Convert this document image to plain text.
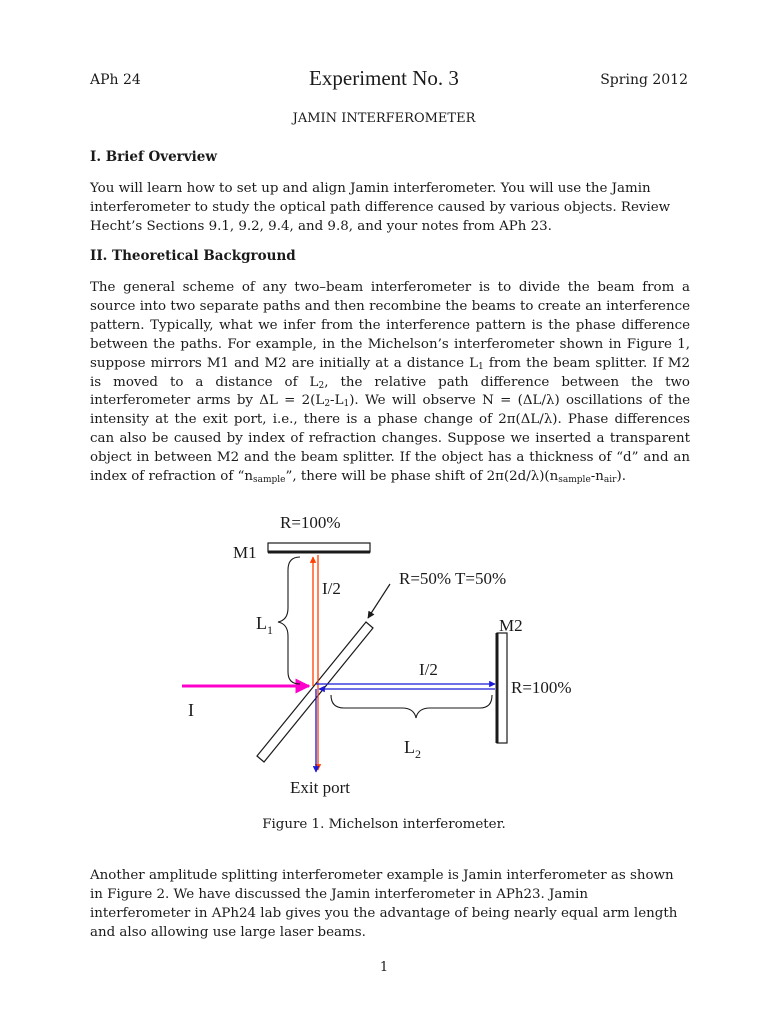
APh 24	Experiment No. 3	Spring 2012
JAMIN INTERFEROMETER
I. Brief Overview
You will learn how to set up and align Jamin interferometer. You will use the Jamin interferometer to study the optical path difference caused by various objects. Review Hecht’s Sections 9.1, 9.2, 9.4, and 9.8, and your notes from APh 23.
II. Theoretical Background
The general scheme of any two–beam interferometer is to divide the beam from a source into two separate paths and then recombine the beams to create an interference pattern. Typically, what we infer from the interference pattern is the phase difference between the paths. For example, in the Michelson’s interferometer shown in Figure 1, suppose mirrors M1 and M2 are initially at a distance $L_1$ from the beam splitter. If M2 is moved to a distance of $L_2$, the relative path difference between the two interferometer arms by $\Delta L = 2(L_2-L_1)$. We will observe N = (ΔL/λ) oscillations of the intensity at the exit port, i.e., there is a phase change of 2π(ΔL/λ). Phase differences can also be caused by index of refraction changes. Suppose we inserted a transparent object in between M2 and the beam splitter. If the object has a thickness of “d” and an index of refraction of “$n_{sample}$”, there will be phase shift of $2\pi(2d/\lambda)(n_{sample}-n_{air})$.
R=100%
M1
I/2
R=50% T=50%
$L_1$	M2
I/2
R=100%
I
$L_2$
Exit port
Figure 1. Michelson interferometer.
Another amplitude splitting interferometer example is Jamin interferometer as shown in Figure 2. We have discussed the Jamin interferometer in APh23. Jamin interferometer in APh24 lab gives you the advantage of being nearly equal arm length and also allowing use large laser beams.
1
